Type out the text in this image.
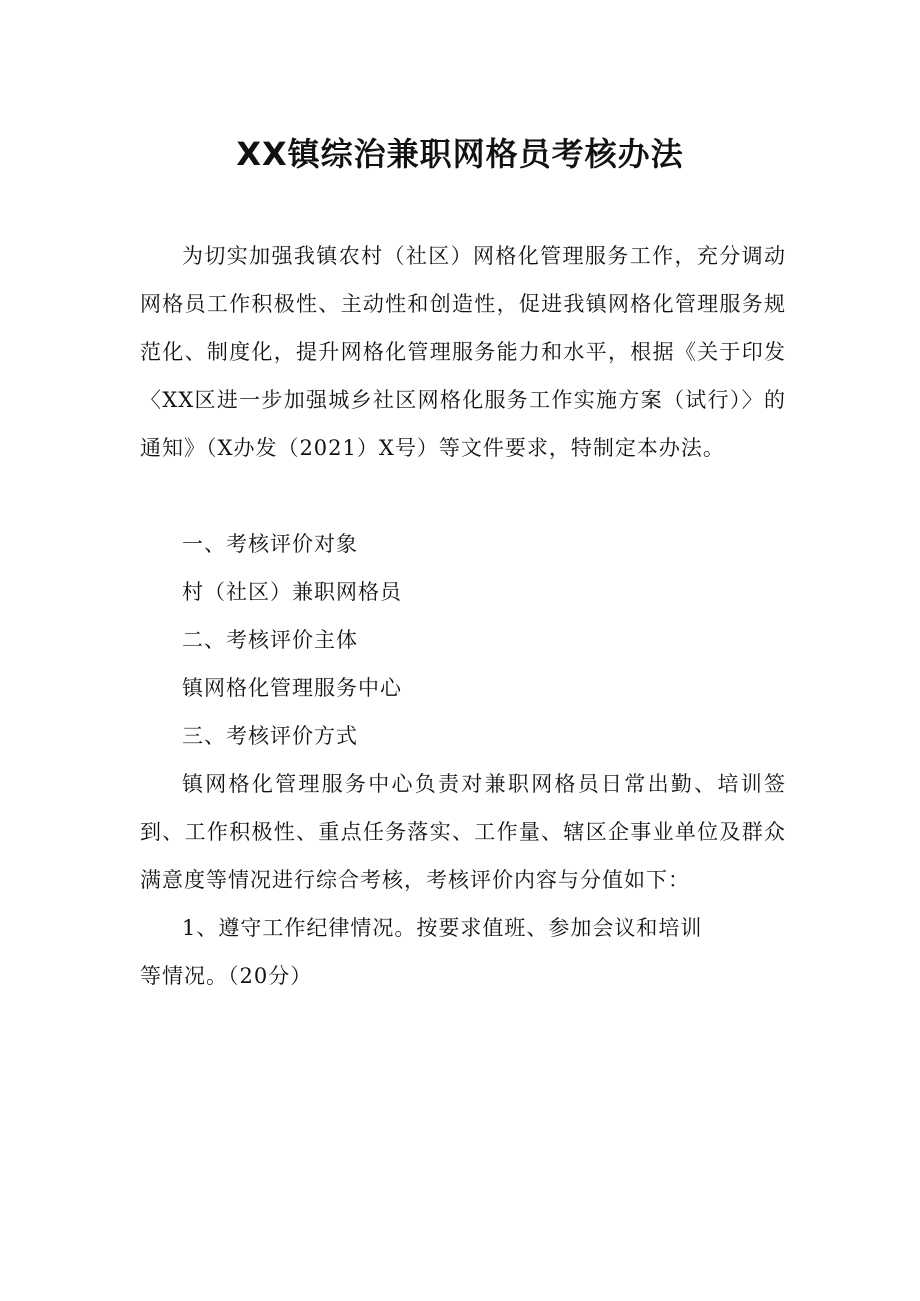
XX镇综治兼职网格员考核办法

为切实加强我镇农村（社区）网格化管理服务工作，充分调动网格员工作积极性、主动性和创造性，促进我镇网格化管理服务规范化、制度化，提升网格化管理服务能力和水平，根据《关于印发〈XX区进一步加强城乡社区网格化服务工作实施方案（试行）〉的通知》（X办发（2021）X号）等文件要求，特制定本办法。

一、考核评价对象

村（社区）兼职网格员

二、考核评价主体

镇网格化管理服务中心

三、考核评价方式

镇网格化管理服务中心负责对兼职网格员日常出勤、培训签到、工作积极性、重点任务落实、工作量、辖区企事业单位及群众满意度等情况进行综合考核，考核评价内容与分值如下：

1、遵守工作纪律情况。按要求值班、参加会议和培训

等情况。（20分）
